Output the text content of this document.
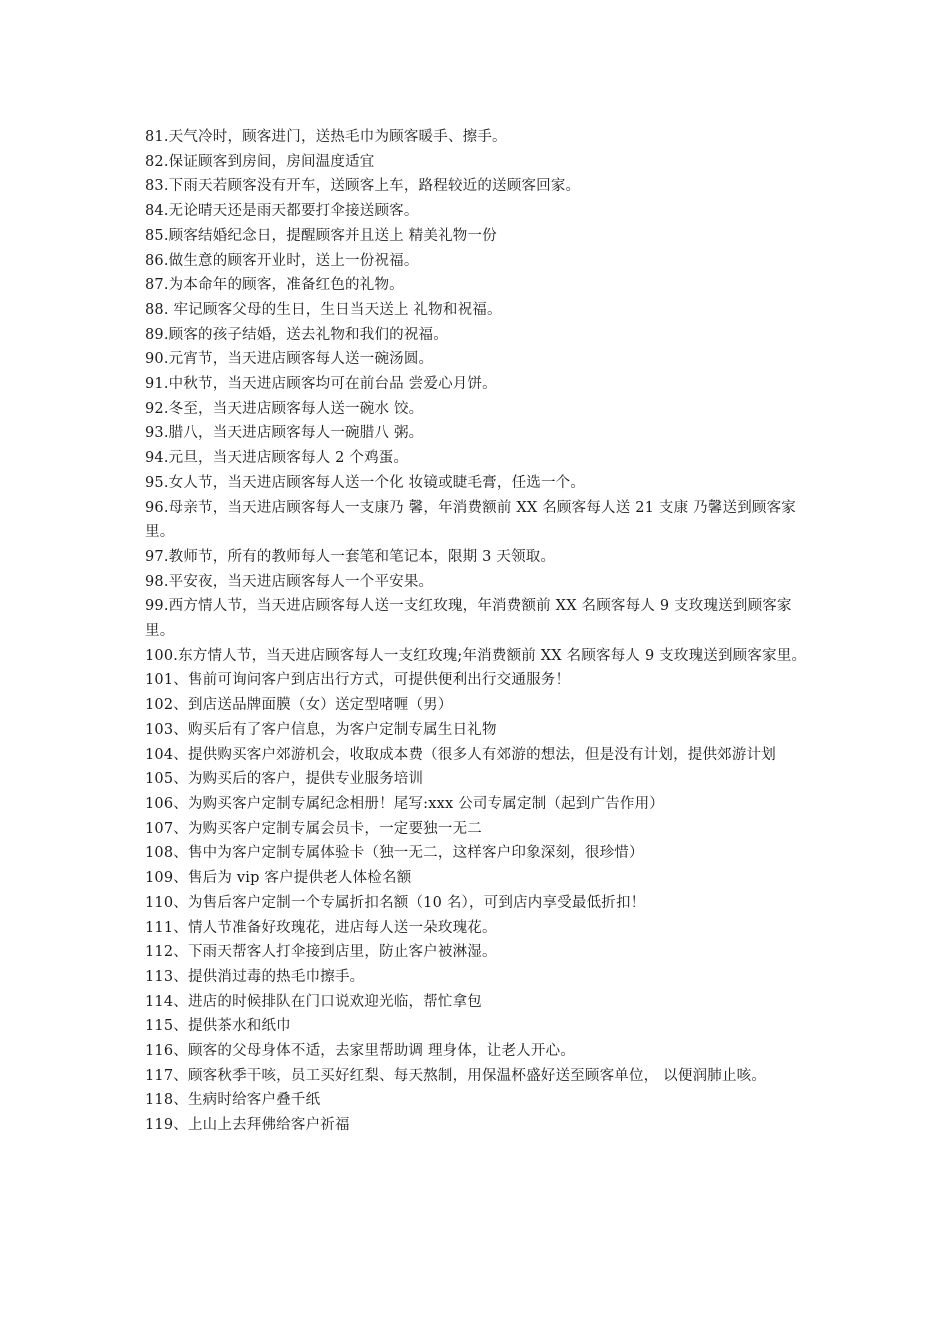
81.天气冷时，顾客进门，送热毛巾为顾客暖手、擦手。
82.保证顾客到房间，房间温度适宜
83.下雨天若顾客没有开车，送顾客上车，路程较近的送顾客回家。
84.无论晴天还是雨天都要打伞接送顾客。
85.顾客结婚纪念日，提醒顾客并且送上 精美礼物一份
86.做生意的顾客开业时，送上一份祝福。
87.为本命年的顾客，准备红色的礼物。
88. 牢记顾客父母的生日，生日当天送上 礼物和祝福。
89.顾客的孩子结婚，送去礼物和我们的祝福。
90.元宵节，当天进店顾客每人送一碗汤圆。
91.中秋节，当天进店顾客均可在前台品 尝爱心月饼。
92.冬至，当天进店顾客每人送一碗水 饺。
93.腊八，当天进店顾客每人一碗腊八 粥。
94.元旦，当天进店顾客每人 2 个鸡蛋。
95.女人节，当天进店顾客每人送一个化 妆镜或睫毛膏，任选一个。
96.母亲节，当天进店顾客每人一支康乃 馨，年消费额前 XX 名顾客每人送 21 支康 乃馨送到顾客家里。
97.教师节，所有的教师每人一套笔和笔记本，限期 3 天领取。
98.平安夜，当天进店顾客每人一个平安果。
99.西方情人节，当天进店顾客每人送一支红玫瑰，年消费额前 XX 名顾客每人 9 支玫瑰送到顾客家里。
100.东方情人节，当天进店顾客每人一支红玫瑰;年消费额前 XX 名顾客每人 9 支玫瑰送到顾客家里。
101、售前可询问客户到店出行方式，可提供便利出行交通服务！
102、到店送品牌面膜（女）送定型啫喱（男）
103、购买后有了客户信息，为客户定制专属生日礼物
104、提供购买客户郊游机会，收取成本费（很多人有郊游的想法，但是没有计划，提供郊游计划
105、为购买后的客户，提供专业服务培训
106、为购买客户定制专属纪念相册！尾写:xxx 公司专属定制（起到广告作用）
107、为购买客户定制专属会员卡，一定要独一无二
108、售中为客户定制专属体验卡（独一无二，这样客户印象深刻，很珍惜）
109、售后为 vip 客户提供老人体检名额
110、为售后客户定制一个专属折扣名额（10 名），可到店内享受最低折扣！
111、情人节准备好玫瑰花，进店每人送一朵玫瑰花。
112、下雨天帮客人打伞接到店里，防止客户被淋湿。
113、提供消过毒的热毛巾擦手。
114、进店的时候排队在门口说欢迎光临，帮忙拿包
115、提供茶水和纸巾
116、顾客的父母身体不适，去家里帮助调 理身体，让老人开心。
117、顾客秋季干咳，员工买好红梨、每天熬制，用保温杯盛好送至顾客单位， 以便润肺止咳。
118、生病时给客户叠千纸
119、上山上去拜佛给客户祈福
